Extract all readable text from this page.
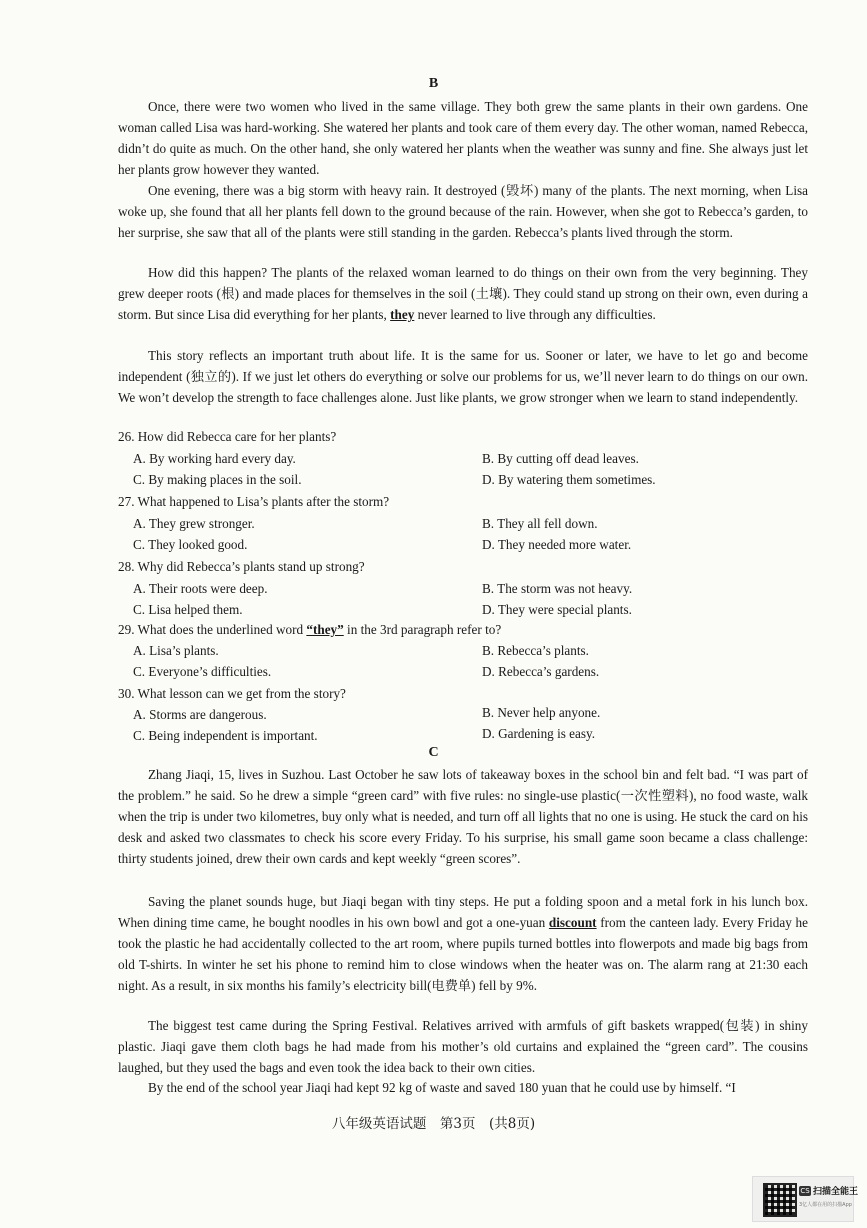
B

Once, there were two women who lived in the same village. They both grew the same plants in their own gardens. One woman called Lisa was hard-working. She watered her plants and took care of them every day. The other woman, named Rebecca, didn’t do quite as much. On the other hand, she only watered her plants when the weather was sunny and fine. She always just let her plants grow however they wanted.

One evening, there was a big storm with heavy rain. It destroyed (毁坏) many of the plants. The next morning, when Lisa woke up, she found that all her plants fell down to the ground because of the rain. However, when she got to Rebecca’s garden, to her surprise, she saw that all of the plants were still standing in the garden. Rebecca’s plants lived through the storm.

How did this happen? The plants of the relaxed woman learned to do things on their own from the very beginning. They grew deeper roots (根) and made places for themselves in the soil (土壤). They could stand up strong on their own, even during a storm. But since Lisa did everything for her plants, they never learned to live through any difficulties.

This story reflects an important truth about life. It is the same for us. Sooner or later, we have to let go and become independent (独立的). If we just let others do everything or solve our problems for us, we’ll never learn to do things on our own. We won’t develop the strength to face challenges alone. Just like plants, we grow stronger when we learn to stand independently.

26. How did Rebecca care for her plants?
A. By working hard every day.	B. By cutting off dead leaves.
C. By making places in the soil.	D. By watering them sometimes.
27. What happened to Lisa’s plants after the storm?
A. They grew stronger.	B. They all fell down.
C. They looked good.	D. They needed more water.
28. Why did Rebecca’s plants stand up strong?
A. Their roots were deep.	B. The storm was not heavy.
C. Lisa helped them.	D. They were special plants.
29. What does the underlined word “they” in the 3rd paragraph refer to?
A. Lisa’s plants.	B. Rebecca’s plants.
C. Everyone’s difficulties.	D. Rebecca’s gardens.
30. What lesson can we get from the story?
A. Storms are dangerous.	B. Never help anyone.
C. Being independent is important.	D. Gardening is easy.
C

Zhang Jiaqi, 15, lives in Suzhou. Last October he saw lots of takeaway boxes in the school bin and felt bad. “I was part of the problem.” he said. So he drew a simple “green card” with five rules: no single-use plastic(一次性塑料), no food waste, walk when the trip is under two kilometres, buy only what is needed, and turn off all lights that no one is using. He stuck the card on his desk and asked two classmates to check his score every Friday. To his surprise, his small game soon became a class challenge: thirty students joined, drew their own cards and kept weekly “green scores”.

Saving the planet sounds huge, but Jiaqi began with tiny steps. He put a folding spoon and a metal fork in his lunch box. When dining time came, he bought noodles in his own bowl and got a one-yuan discount from the canteen lady. Every Friday he took the plastic he had accidentally collected to the art room, where pupils turned bottles into flowerpots and made big bags from old T-shirts. In winter he set his phone to remind him to close windows when the heater was on. The alarm rang at 21:30 each night. As a result, in six months his family’s electricity bill(电费单) fell by 9%.

The biggest test came during the Spring Festival. Relatives arrived with armfuls of gift baskets wrapped(包装) in shiny plastic. Jiaqi gave them cloth bags he had made from his mother’s old curtains and explained the “green card”. The cousins laughed, but they used the bags and even took the idea back to their own cities.

By the end of the school year Jiaqi had kept 92 kg of waste and saved 180 yuan that he could use by himself. “I

八年级英语试题　第3页　(共8页)
CS 扫描全能王
3亿人都在用的扫描App
